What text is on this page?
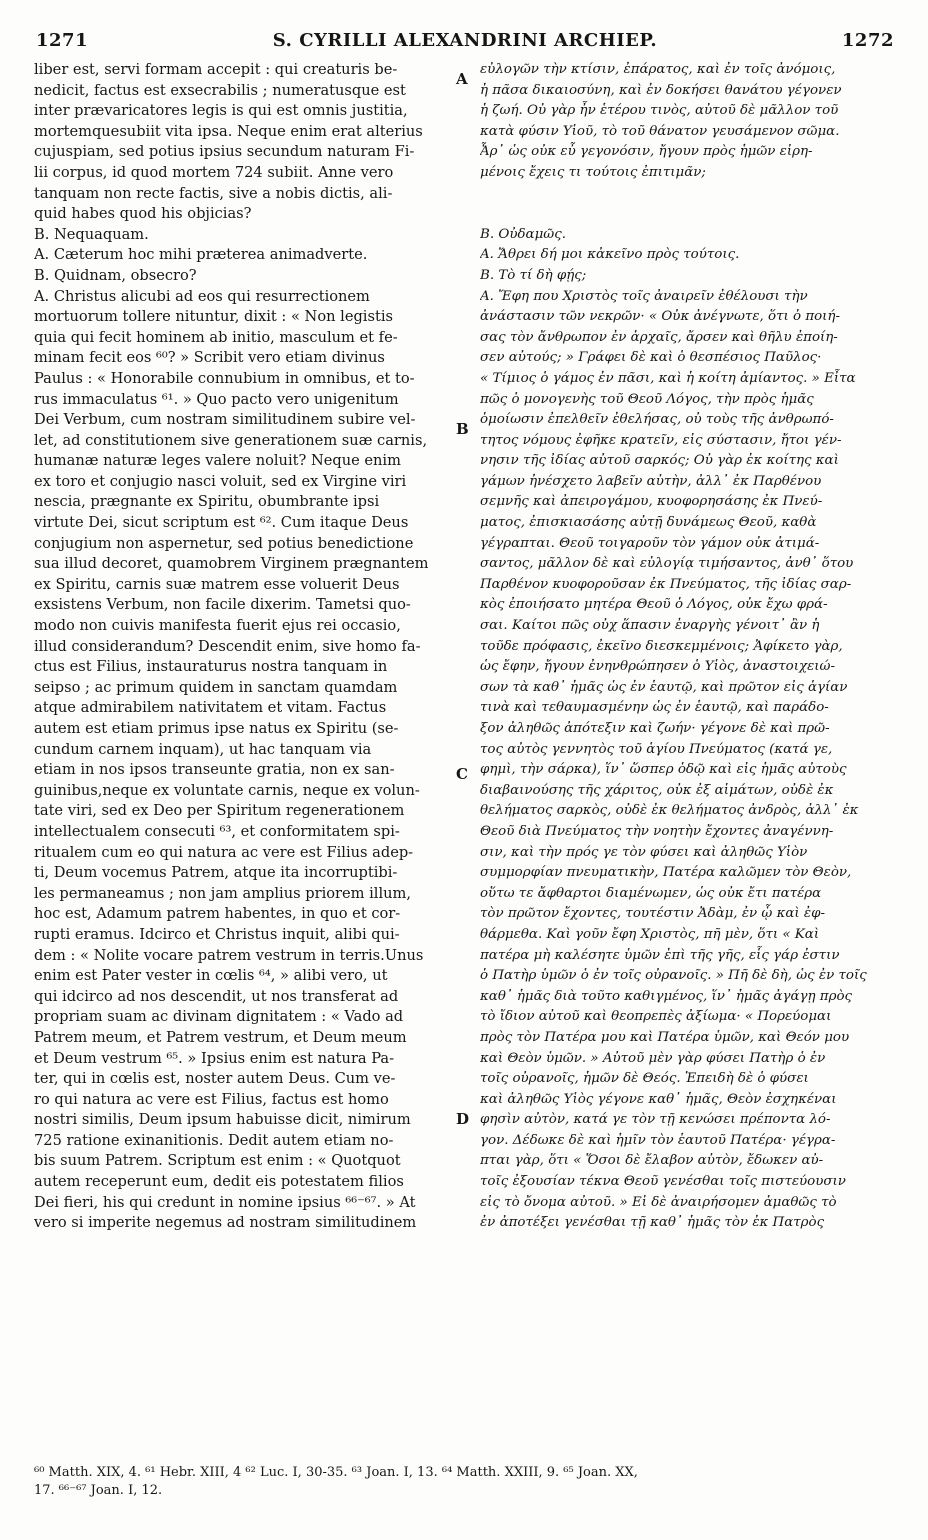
1271	S. CYRILLI ALEXANDRINI ARCHIEP.	1272
liber est, servi formam accepit : qui creaturis be-
nedicit, factus est exsecrabilis ; numeratusque est
inter prævaricatores legis is qui est omnis justitia,
mortemquesubiit vita ipsa. Neque enim erat alterius
cujuspiam, sed potius ipsius secundum naturam Fi-
lii corpus, id quod mortem 724 subiit. Anne vero
tanquam non recte factis, sive a nobis dictis, ali-
quid habes quod his objicias?
B. Nequaquam.
A. Cæterum hoc mihi præterea animadverte.
B. Quidnam, obsecro?
A. Christus alicubi ad eos qui resurrectionem
mortuorum tollere nituntur, dixit : « Non legistis
quia qui fecit hominem ab initio, masculum et fe-
minam fecit eos ⁶⁰? » Scribit vero etiam divinus
Paulus : « Honorabile connubium in omnibus, et to-
rus immaculatus ⁶¹. » Quo pacto vero unigenitum
Dei Verbum, cum nostram similitudinem subire vel-
let, ad constitutionem sive generationem suæ carnis,
humanæ naturæ leges valere noluit? Neque enim
ex toro et conjugio nasci voluit, sed ex Virgine viri
nescia, prægnante ex Spiritu, obumbrante ipsi
virtute Dei, sicut scriptum est ⁶². Cum itaque Deus
conjugium non aspernetur, sed potius benedictione
sua illud decoret, quamobrem Virginem prægnantem
ex Spiritu, carnis suæ matrem esse voluerit Deus
exsistens Verbum, non facile dixerim. Tametsi quo-
modo non cuivis manifesta fuerit ejus rei occasio,
illud considerandum? Descendit enim, sive homo fa-
ctus est Filius, instauraturus nostra tanquam in
seipso ; ac primum quidem in sanctam quamdam
atque admirabilem nativitatem et vitam. Factus
autem est etiam primus ipse natus ex Spiritu (se-
cundum carnem inquam), ut hac tanquam via
etiam in nos ipsos transeunte gratia, non ex san-
guinibus,neque ex voluntate carnis, neque ex volun-
tate viri, sed ex Deo per Spiritum regenerationem
intellectualem consecuti ⁶³, et conformitatem spi-
ritualem cum eo qui natura ac vere est Filius adep-
ti, Deum vocemus Patrem, atque ita incorruptibi-
les permaneamus ; non jam amplius priorem illum,
hoc est, Adamum patrem habentes, in quo et cor-
rupti eramus. Idcirco et Christus inquit, alibi qui-
dem : « Nolite vocare patrem vestrum in terris.Unus
enim est Pater vester in cœlis ⁶⁴, » alibi vero, ut
qui idcirco ad nos descendit, ut nos transferat ad
propriam suam ac divinam dignitatem : « Vado ad
Patrem meum, et Patrem vestrum, et Deum meum
et Deum vestrum ⁶⁵. » Ipsius enim est natura Pa-
ter, qui in cœlis est, noster autem Deus. Cum ve-
ro qui natura ac vere est Filius, factus est homo
nostri similis, Deum ipsum habuisse dicit, nimirum
725 ratione exinanitionis. Dedit autem etiam no-
bis suum Patrem. Scriptum est enim : « Quotquot
autem receperunt eum, dedit eis potestatem filios
Dei fieri, his qui credunt in nomine ipsius ⁶⁶⁻⁶⁷. » At
vero si imperite negemus ad nostram similitudinem
εὐλογῶν τὴν κτίσιν, ἐπάρατος, καὶ ἐν τοῖς ἀνόμοις,
ἡ πᾶσα δικαιοσύνη, καὶ ἐν δοκήσει θανάτου γέγονεν
ἡ ζωή. Οὐ γὰρ ἦν ἑτέρου τινὸς, αὐτοῦ δὲ μᾶλλον τοῦ
κατὰ φύσιν Υἱοῦ, τὸ τοῦ θάνατον γευσάμενον σῶμα.
Ἆρ᾽ ὡς οὐκ εὖ γεγονόσιν, ἤγουν πρὸς ἡμῶν εἰρη-
μένοις ἔχεις τι τούτοις ἐπιτιμᾶν;
Β. Οὐδαμῶς.
Α. Ἄθρει δή μοι κἀκεῖνο πρὸς τούτοις.
Β. Τὸ τί δὴ φῄς;
Α. Ἔφη που Χριστὸς τοῖς ἀναιρεῖν ἐθέλουσι τὴν
ἀνάστασιν τῶν νεκρῶν· « Οὐκ ἀνέγνωτε, ὅτι ὁ ποιή-
σας τὸν ἄνθρωπον ἐν ἀρχαῖς, ἄρσεν καὶ θῆλυ ἐποίη-
σεν αὐτούς; » Γράφει δὲ καὶ ὁ θεσπέσιος Παῦλος·
« Τίμιος ὁ γάμος ἐν πᾶσι, καὶ ἡ κοίτη ἀμίαντος. » Εἶτα
πῶς ὁ μονογενὴς τοῦ Θεοῦ Λόγος, τὴν πρὸς ἡμᾶς
ὁμοίωσιν ἐπελθεῖν ἐθελήσας, οὐ τοὺς τῆς ἀνθρωπό-
τητος νόμους ἐφῆκε κρατεῖν, εἰς σύστασιν, ἤτοι γέν-
νησιν τῆς ἰδίας αὐτοῦ σαρκός; Οὐ γὰρ ἐκ κοίτης καὶ
γάμων ἠνέσχετο λαβεῖν αὐτὴν, ἀλλ᾽ ἐκ Παρθένου
σεμνῆς καὶ ἀπειρογάμου, κυοφορησάσης ἐκ Πνεύ-
ματος, ἐπισκιασάσης αὐτῇ δυνάμεως Θεοῦ, καθὰ
γέγραπται. Θεοῦ τοιγαροῦν τὸν γάμον οὐκ ἀτιμά-
σαντος, μᾶλλον δὲ καὶ εὐλογίᾳ τιμήσαντος, ἀνθ᾽ ὅτου
Παρθένον κυοφοροῦσαν ἐκ Πνεύματος, τῆς ἰδίας σαρ-
κὸς ἐποιήσατο μητέρα Θεοῦ ὁ Λόγος, οὐκ ἔχω φρά-
σαι. Καίτοι πῶς οὐχ ἅπασιν ἐναργὴς γένοιτ᾽ ἂν ἡ
τοῦδε πρόφασις, ἐκεῖνο διεσκεμμένοις; Ἀφίκετο γὰρ,
ὡς ἔφην, ἤγουν ἐνηνθρώπησεν ὁ Υἱὸς, ἀναστοιχειώ-
σων τὰ καθ᾽ ἡμᾶς ὡς ἐν ἑαυτῷ, καὶ πρῶτον εἰς ἁγίαν
τινὰ καὶ τεθαυμασμένην ὡς ἐν ἑαυτῷ, καὶ παράδο-
ξον ἀληθῶς ἀπότεξιν καὶ ζωήν· γέγονε δὲ καὶ πρῶ-
τος αὐτὸς γεννητὸς τοῦ ἁγίου Πνεύματος (κατά γε,
φημὶ, τὴν σάρκα), ἵν᾽ ὥσπερ ὁδῷ καὶ εἰς ἡμᾶς αὐτοὺς
διαβαινούσης τῆς χάριτος, οὐκ ἐξ αἱμάτων, οὐδὲ ἐκ
θελήματος σαρκὸς, οὐδὲ ἐκ θελήματος ἀνδρὸς, ἀλλ᾽ ἐκ
Θεοῦ διὰ Πνεύματος τὴν νοητὴν ἔχοντες ἀναγέννη-
σιν, καὶ τὴν πρός γε τὸν φύσει καὶ ἀληθῶς Υἱὸν
συμμορφίαν πνευματικὴν, Πατέρα καλῶμεν τὸν Θεὸν,
οὕτω τε ἄφθαρτοι διαμένωμεν, ὡς οὐκ ἔτι πατέρα
τὸν πρῶτον ἔχοντες, τουτέστιν Ἀδὰμ, ἐν ᾧ καὶ ἐφ-
θάρμεθα. Καὶ γοῦν ἔφη Χριστὸς, πῆ μὲν, ὅτι « Καὶ
πατέρα μὴ καλέσητε ὑμῶν ἐπὶ τῆς γῆς, εἷς γάρ ἐστιν
ὁ Πατὴρ ὑμῶν ὁ ἐν τοῖς οὐρανοῖς. » Πῆ δὲ δὴ, ὡς ἐν τοῖς
καθ᾽ ἡμᾶς διὰ τοῦτο καθιγμένος, ἵν᾽ ἡμᾶς ἀγάγῃ πρὸς
τὸ ἴδιον αὐτοῦ καὶ θεοπρεπὲς ἀξίωμα· « Πορεύομαι
πρὸς τὸν Πατέρα μου καὶ Πατέρα ὑμῶν, καὶ Θεόν μου
καὶ Θεὸν ὑμῶν. » Αὐτοῦ μὲν γὰρ φύσει Πατὴρ ὁ ἐν
τοῖς οὐρανοῖς, ἡμῶν δὲ Θεός. Ἐπειδὴ δὲ ὁ φύσει
καὶ ἀληθῶς Υἱὸς γέγονε καθ᾽ ἡμᾶς, Θεὸν ἐσχηκέναι
φησὶν αὐτὸν, κατά γε τὸν τῇ κενώσει πρέποντα λό-
γον. Δέδωκε δὲ καὶ ἡμῖν τὸν ἑαυτοῦ Πατέρα· γέγρα-
πται γὰρ, ὅτι « Ὅσοι δὲ ἔλαβον αὐτὸν, ἔδωκεν αὐ-
τοῖς ἐξουσίαν τέκνα Θεοῦ γενέσθαι τοῖς πιστεύουσιν
εἰς τὸ ὄνομα αὐτοῦ. » Εἰ δὲ ἀναιρήσομεν ἀμαθῶς τὸ
ἐν ἀποτέξει γενέσθαι τῇ καθ᾽ ἡμᾶς τὸν ἐκ Πατρὸς
A
B
C
D
⁶⁰ Matth. XIX, 4. ⁶¹ Hebr. XIII, 4 ⁶² Luc. I, 30-35. ⁶³ Joan. I, 13. ⁶⁴ Matth. XXIII, 9. ⁶⁵ Joan. XX,
17. ⁶⁶⁻⁶⁷ Joan. I, 12.
